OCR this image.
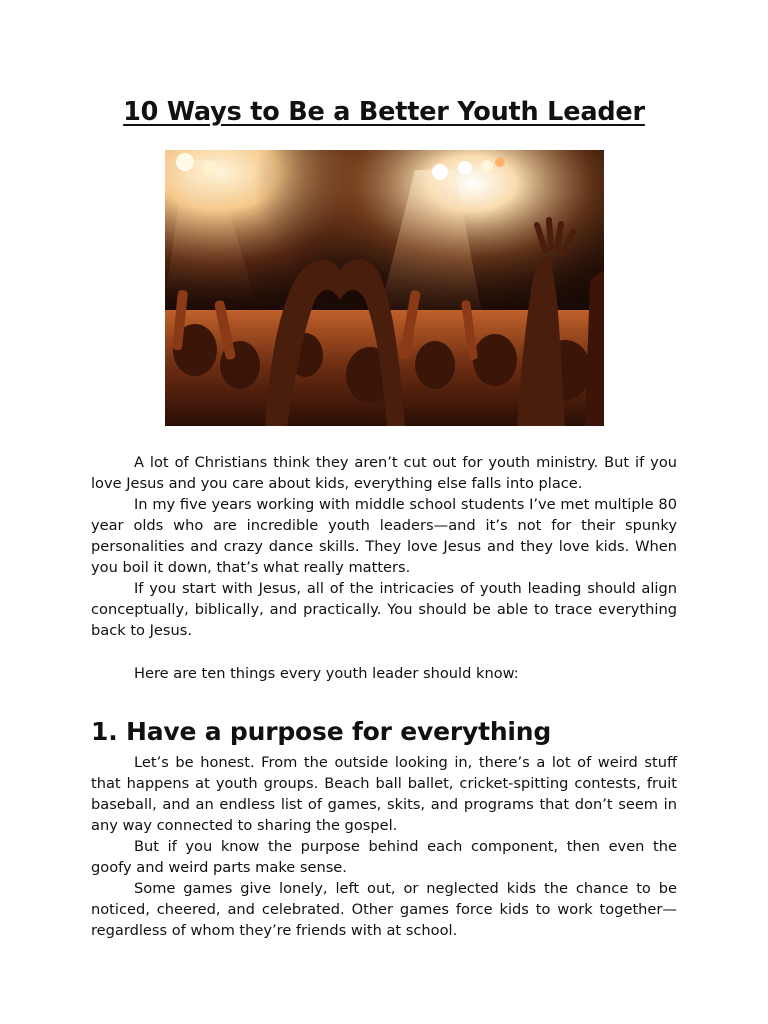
10 Ways to Be a Better Youth Leader

A lot of Christians think they aren’t cut out for youth ministry. But if you love Jesus and you care about kids, everything else falls into place.

In my five years working with middle school students I’ve met multiple 80 year olds who are incredible youth leaders—and it’s not for their spunky personalities and crazy dance skills. They love Jesus and they love kids. When you boil it down, that’s what really matters.

If you start with Jesus, all of the intricacies of youth leading should align conceptually, biblically, and practically. You should be able to trace everything back to Jesus.

Here are ten things every youth leader should know:

1. Have a purpose for everything

Let’s be honest. From the outside looking in, there’s a lot of weird stuff that happens at youth groups. Beach ball ballet, cricket-spitting contests, fruit baseball, and an endless list of games, skits, and programs that don’t seem in any way connected to sharing the gospel.

But if you know the purpose behind each component, then even the goofy and weird parts make sense.

Some games give lonely, left out, or neglected kids the chance to be noticed, cheered, and celebrated. Other games force kids to work together—regardless of whom they’re friends with at school.
